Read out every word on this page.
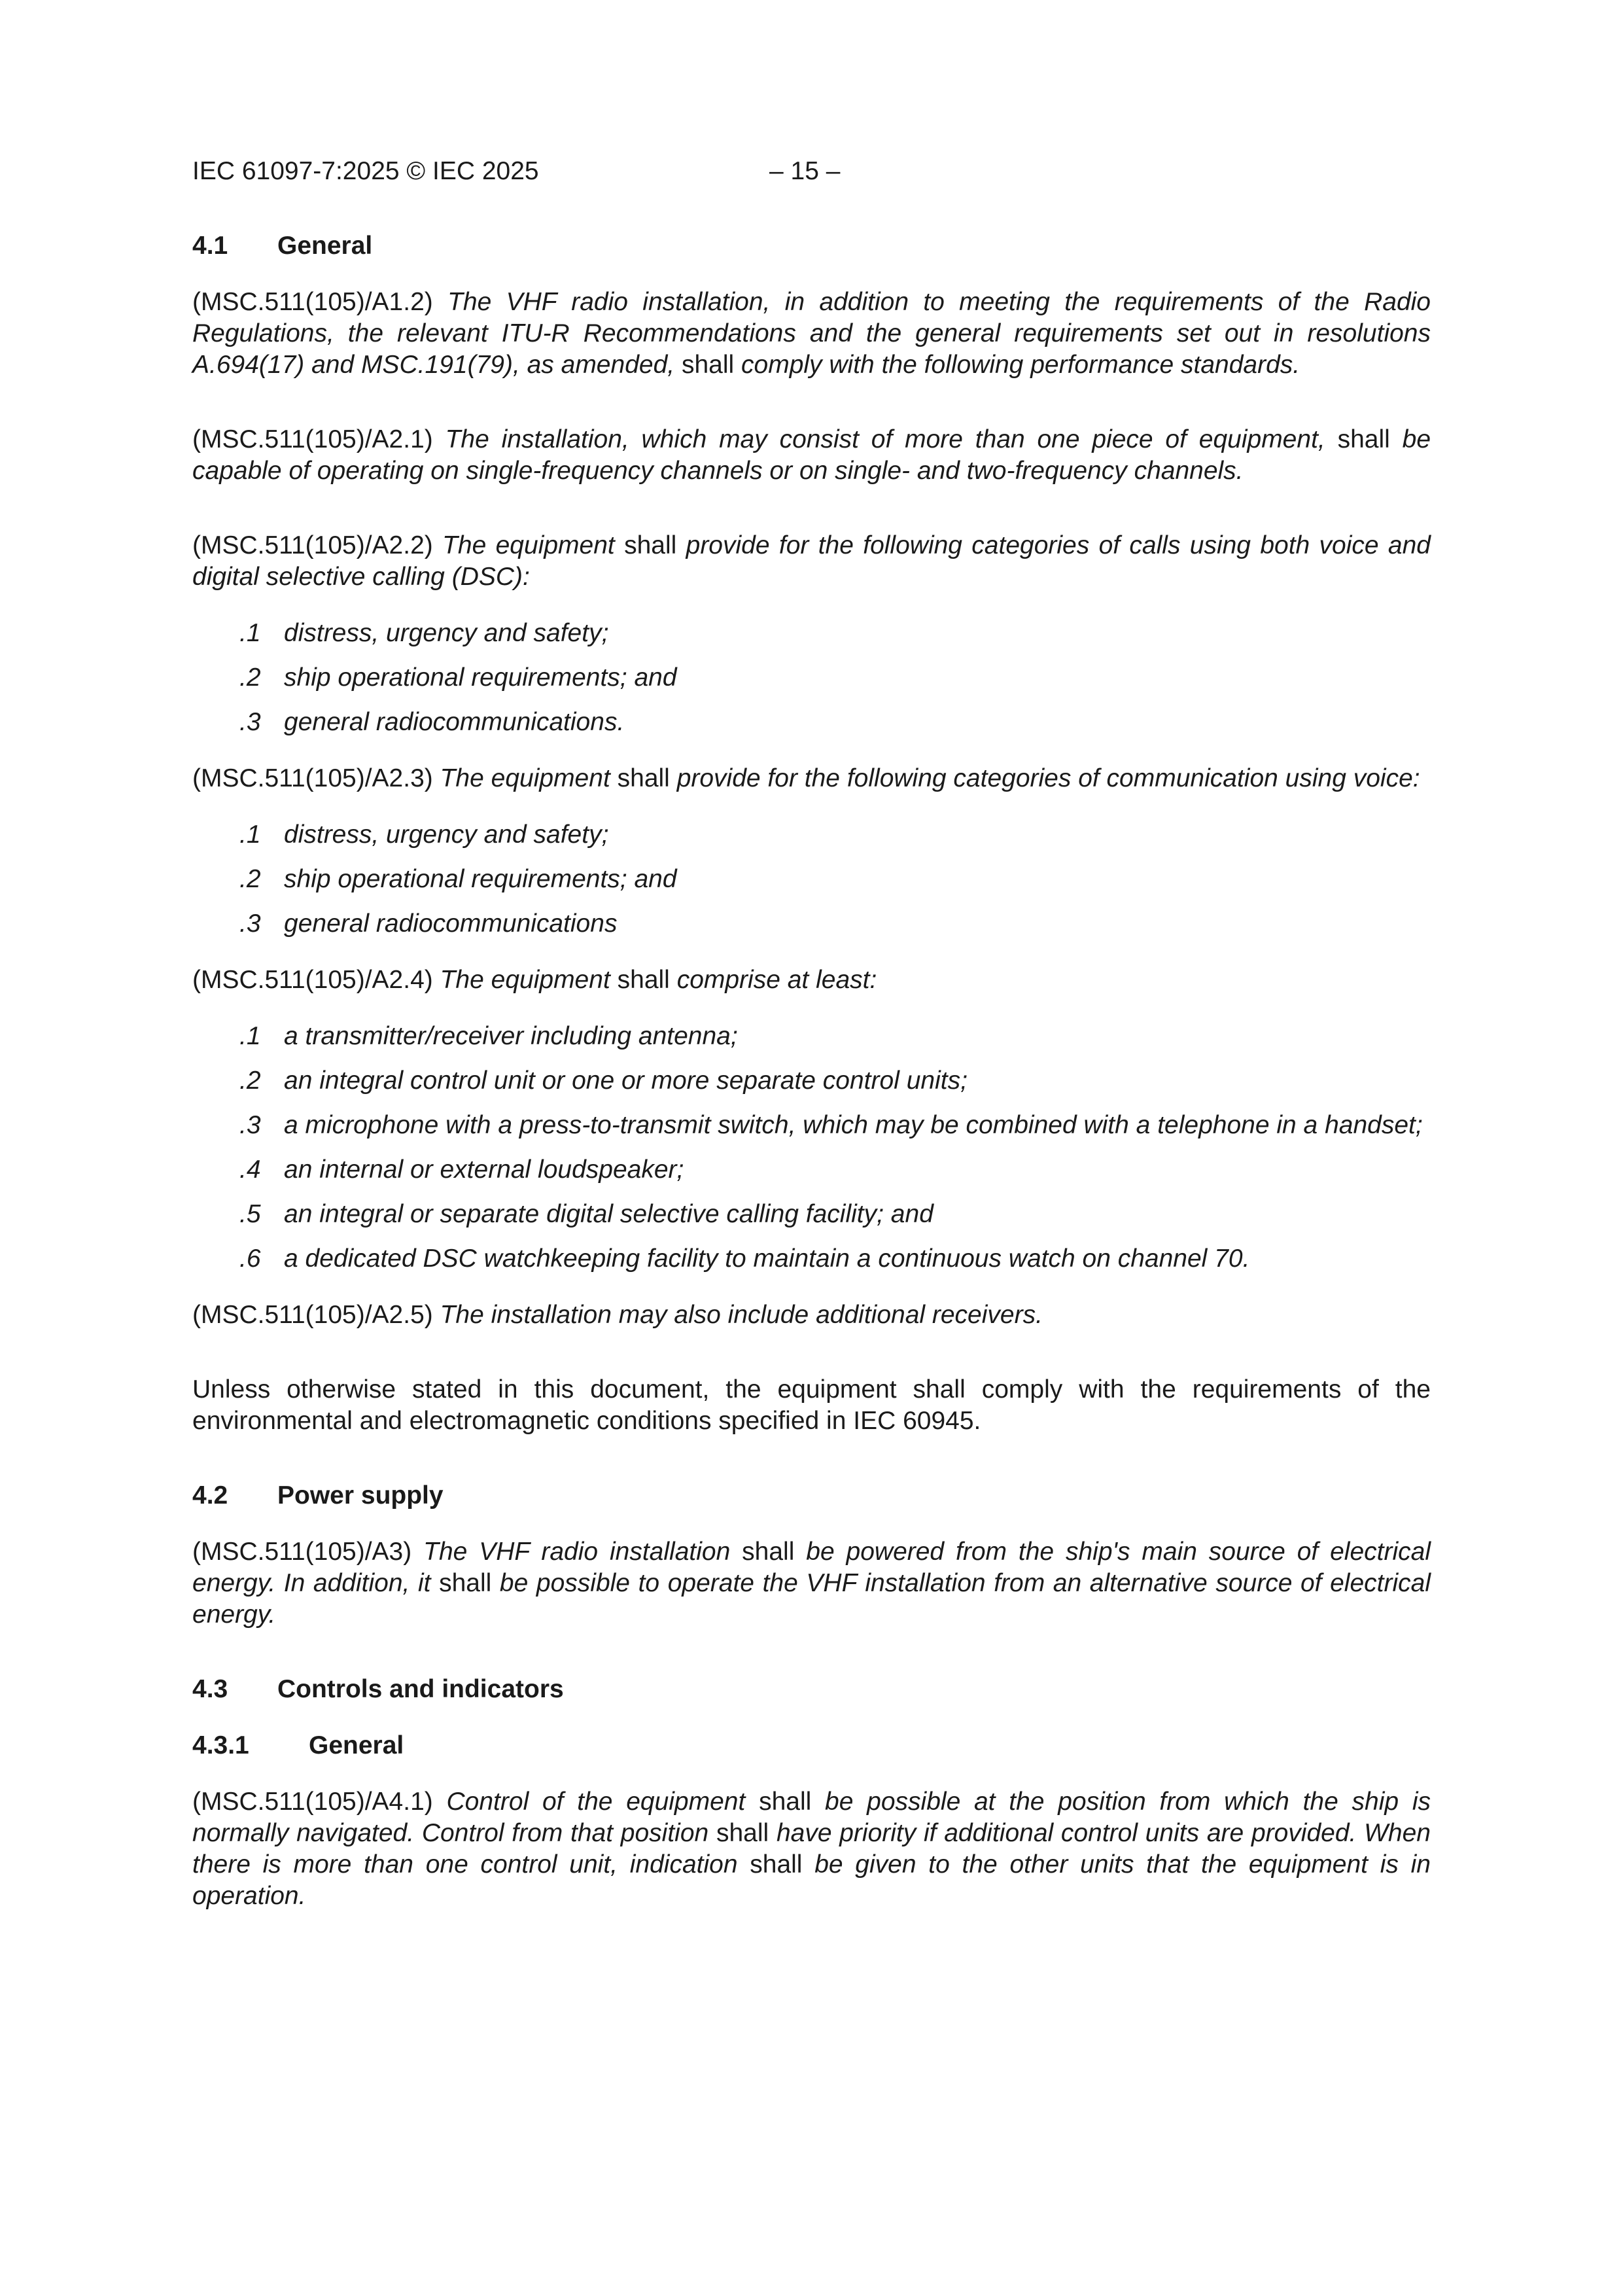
IEC 61097-7:2025 © IEC 2025	– 15 –
4.1	General

(MSC.511(105)/A1.2) The VHF radio installation, in addition to meeting the requirements of the Radio Regulations, the relevant ITU-R Recommendations and the general requirements set out in resolutions A.694(17) and MSC.191(79), as amended, shall comply with the following performance standards.

(MSC.511(105)/A2.1) The installation, which may consist of more than one piece of equipment, shall be capable of operating on single-frequency channels or on single- and two-frequency channels.

(MSC.511(105)/A2.2) The equipment shall provide for the following categories of calls using both voice and digital selective calling (DSC):

.1 distress, urgency and safety;
.2 ship operational requirements; and
.3 general radiocommunications.

(MSC.511(105)/A2.3) The equipment shall provide for the following categories of communication using voice:

.1 distress, urgency and safety;
.2 ship operational requirements; and
.3 general radiocommunications

(MSC.511(105)/A2.4) The equipment shall comprise at least:

.1 a transmitter/receiver including antenna;
.2 an integral control unit or one or more separate control units;
.3 a microphone with a press-to-transmit switch, which may be combined with a telephone in a handset;
.4 an internal or external loudspeaker;
.5 an integral or separate digital selective calling facility; and
.6 a dedicated DSC watchkeeping facility to maintain a continuous watch on channel 70.

(MSC.511(105)/A2.5) The installation may also include additional receivers.

Unless otherwise stated in this document, the equipment shall comply with the requirements of the environmental and electromagnetic conditions specified in IEC 60945.

4.2	Power supply

(MSC.511(105)/A3) The VHF radio installation shall be powered from the ship's main source of electrical energy. In addition, it shall be possible to operate the VHF installation from an alternative source of electrical energy.

4.3	Controls and indicators
4.3.1	General

(MSC.511(105)/A4.1) Control of the equipment shall be possible at the position from which the ship is normally navigated. Control from that position shall have priority if additional control units are provided. When there is more than one control unit, indication shall be given to the other units that the equipment is in operation.
